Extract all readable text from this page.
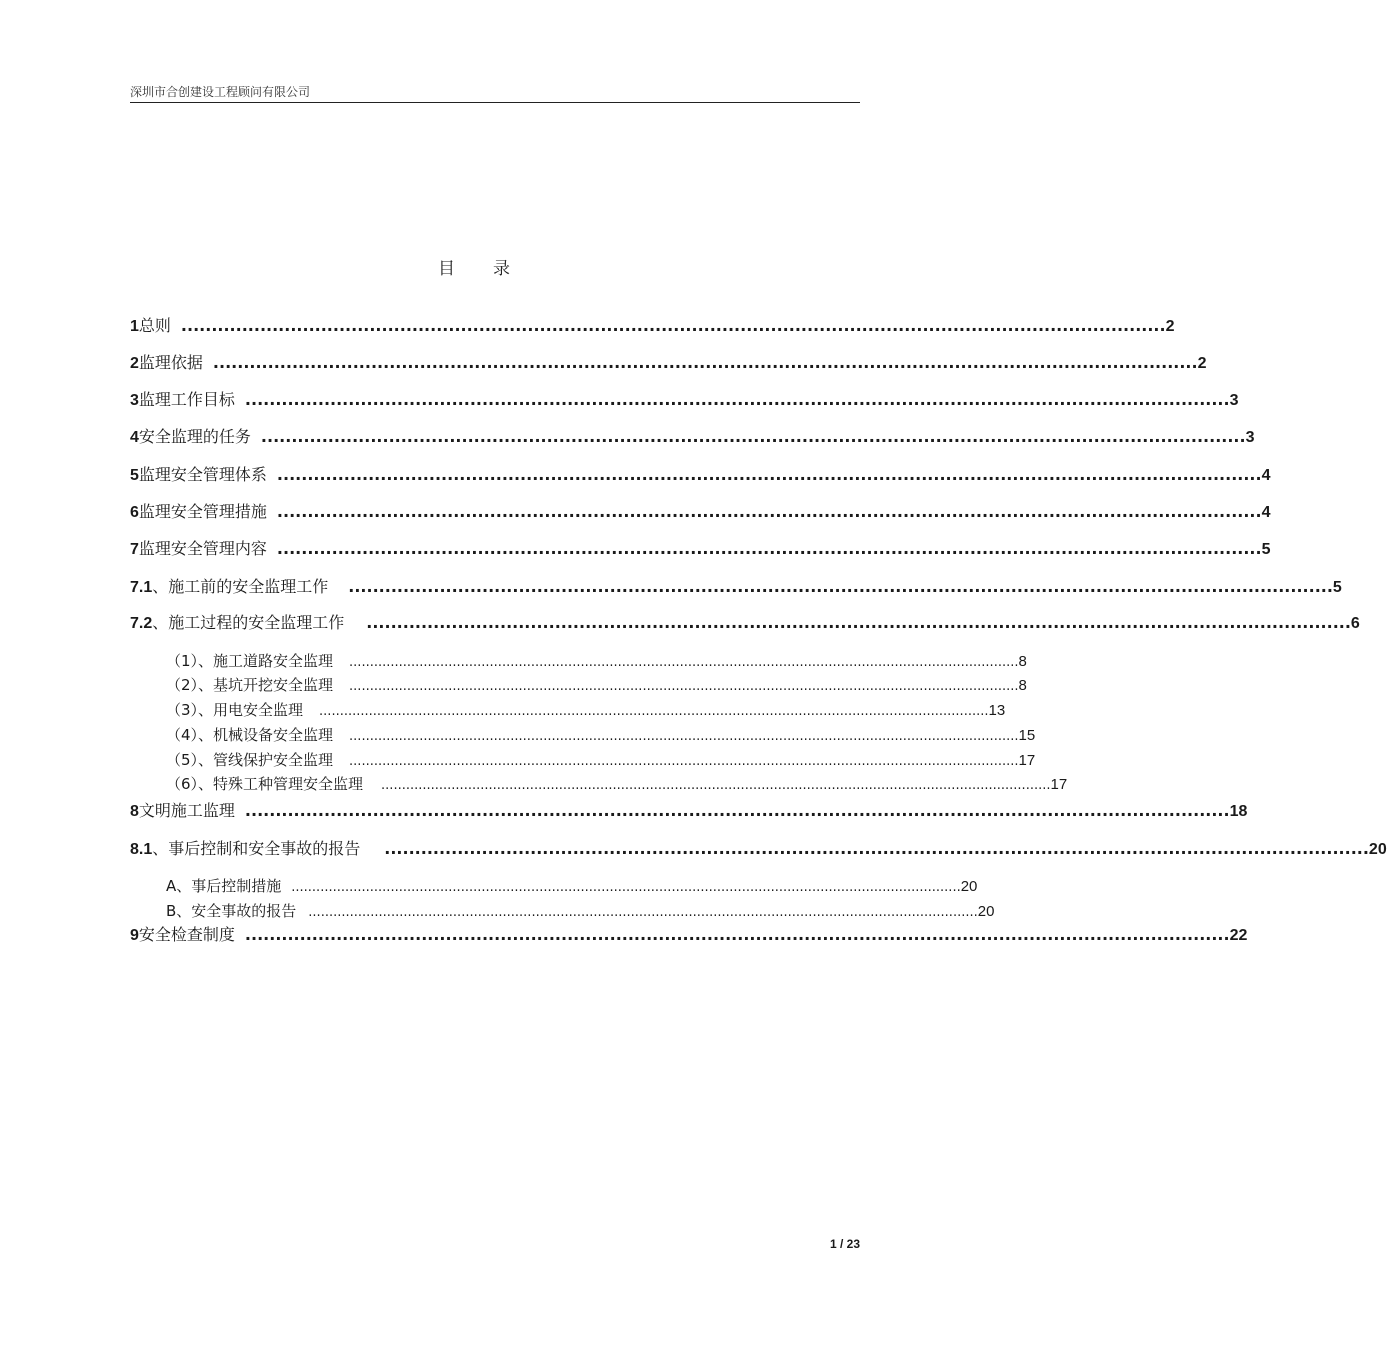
深圳市合创建设工程顾问有限公司
目 录
1 总则 .................................................................................................................................................................. 2
2 监理依据 .................................................................................................................................................................. 2
3 监理工作目标 .................................................................................................................................................................. 3
4 安全监理的任务 .................................................................................................................................................................. 3
5 监理安全管理体系 .................................................................................................................................................................. 4
6 监理安全管理措施 .................................................................................................................................................................. 4
7 监理安全管理内容 .................................................................................................................................................................. 5
7.1 、施工前的安全监理工作 .................................................................................................................................................................. 5
7.2 、施工过程的安全监理工作 .................................................................................................................................................................. 6
（1）、施工道路安全监理 .................................................................................................................................................................. 8
（2）、基坑开挖安全监理 .................................................................................................................................................................. 8
（3）、用电安全监理 .................................................................................................................................................................. 13
（4）、机械设备安全监理 .................................................................................................................................................................. 15
（5）、管线保护安全监理 .................................................................................................................................................................. 17
（6）、特殊工种管理安全监理 .................................................................................................................................................................. 17
8 文明施工监理 .................................................................................................................................................................. 18
8.1 、事后控制和安全事故的报告 .................................................................................................................................................................. 20
A、事后控制措施 .................................................................................................................................................................. 20
B、安全事故的报告 .................................................................................................................................................................. 20
9 安全检查制度 .................................................................................................................................................................. 22
1 / 23
